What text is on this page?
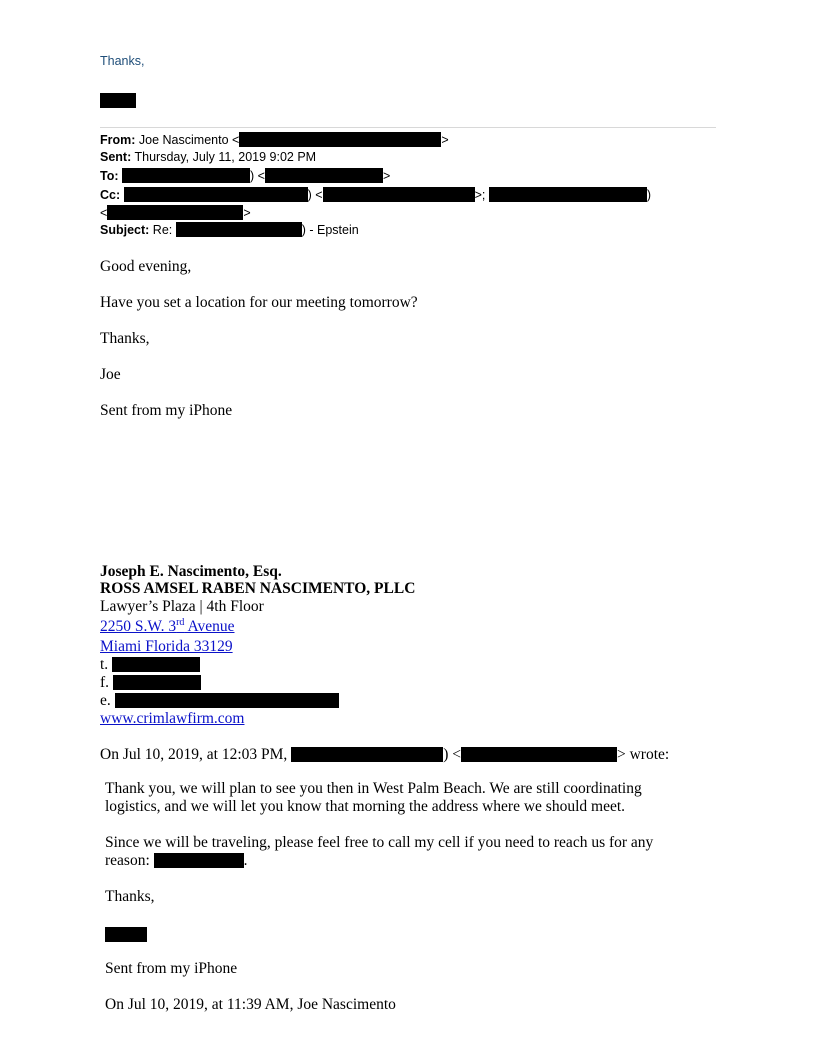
Thanks,
From: Joe Nascimento <	>
Sent: Thursday, July 11, 2019 9:02 PM
To:	) <	>
Cc:	) <	>;	)
<	>
Subject: Re:	) - Epstein
Good evening,
Have you set a location for our meeting tomorrow?
Thanks,
Joe
Sent from my iPhone
Joseph E. Nascimento, Esq.
ROSS AMSEL RABEN NASCIMENTO, PLLC
Lawyer’s Plaza | 4th Floor
2250 S.W. 3rd Avenue
Miami Florida 33129
t.
f.
e.
www.crimlawfirm.com
On Jul 10, 2019, at 12:03 PM,	) <	> wrote:
Thank you, we will plan to see you then in West Palm Beach. We are still coordinating
logistics, and we will let you know that morning the address where we should meet.
Since we will be traveling, please feel free to call my cell if you need to reach us for any
reason:	.
Thanks,
Sent from my iPhone
On Jul 10, 2019, at 11:39 AM, Joe Nascimento
